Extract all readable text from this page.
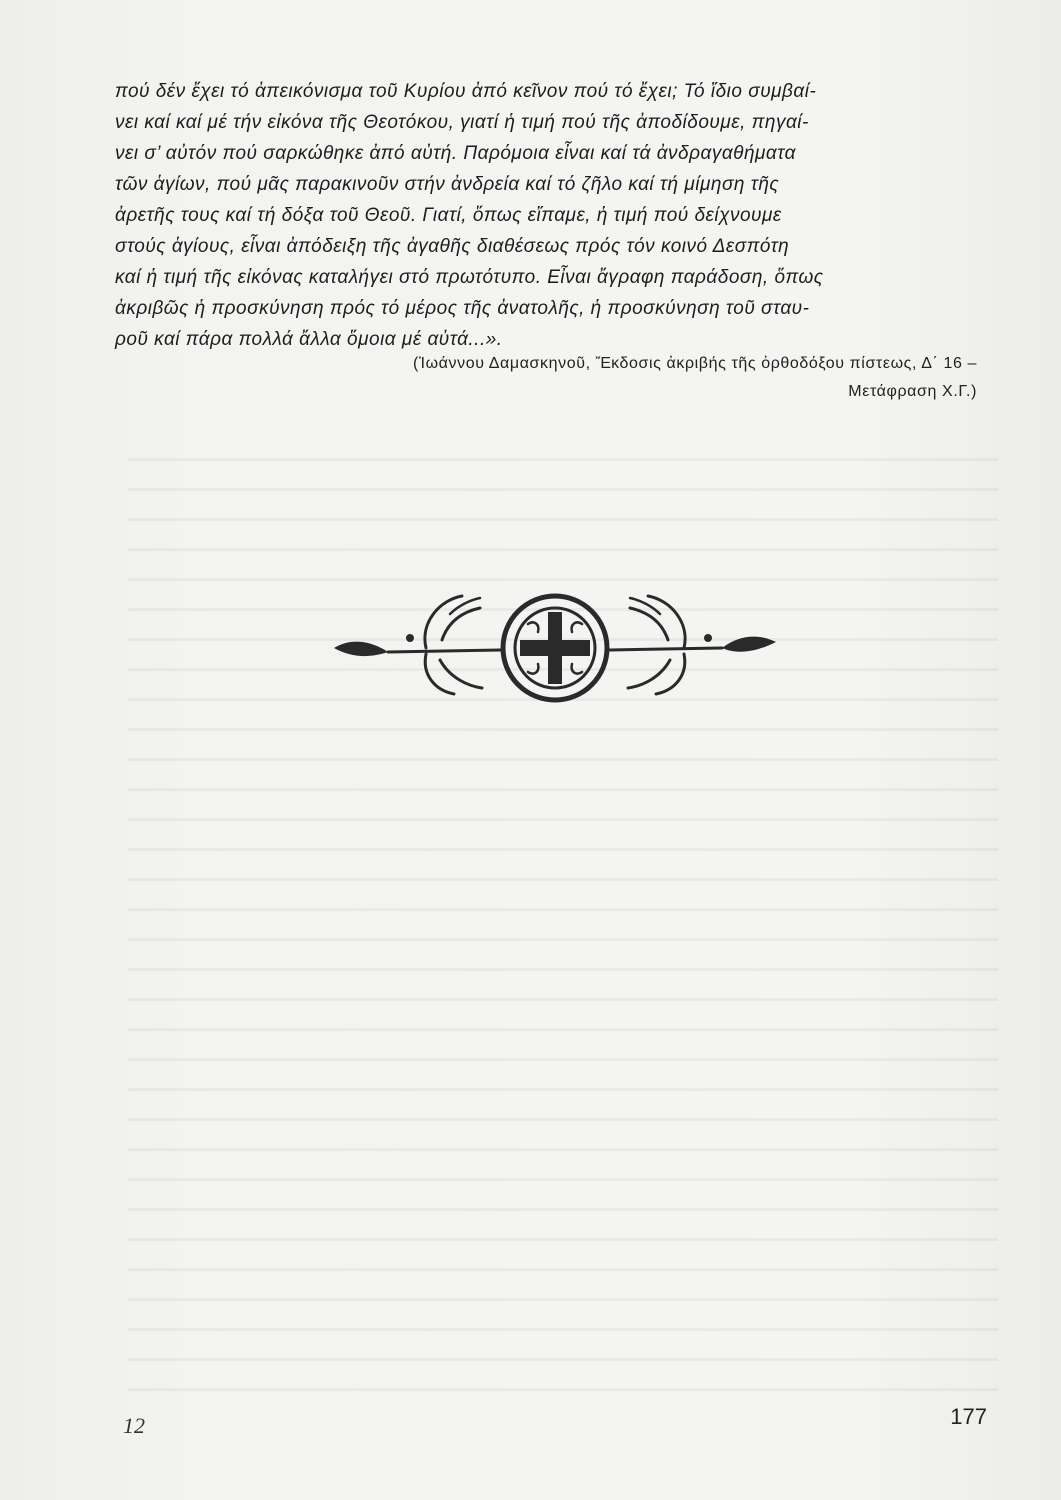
πού δέν ἔχει τό ἀπεικόνισμα τοῦ Κυρίου ἀπό κεῖνον πού τό ἔχει; Τό ἴδιο συμβαί-
νει καί καί μέ τήν εἰκόνα τῆς Θεοτόκου, γιατί ἡ τιμή πού τῆς ἀποδίδουμε, πηγαί-
νει σ’ αὐτόν πού σαρκώθηκε ἀπό αὐτή. Παρόμοια εἶναι καί τά ἀνδραγαθήματα
τῶν ἁγίων, πού μᾶς παρακινοῦν στήν ἀνδρεία καί τό ζῆλο καί τή μίμηση τῆς
ἀρετῆς τους καί τή δόξα τοῦ Θεοῦ. Γιατί, ὅπως εἴπαμε, ἡ τιμή πού δείχνουμε
στούς ἁγίους, εἶναι ἀπόδειξη τῆς ἀγαθῆς διαθέσεως πρός τόν κοινό Δεσπότη
καί ἡ τιμή τῆς εἰκόνας καταλήγει στό πρωτότυπο. Εἶναι ἄγραφη παράδοση, ὅπως
ἀκριβῶς ἡ προσκύνηση πρός τό μέρος τῆς ἀνατολῆς, ἡ προσκύνηση τοῦ σταυ-
ροῦ καί πάρα πολλά ἄλλα ὅμοια μέ αὐτά...».

(Ἰωάννου Δαμασκηνοῦ, Ἔκδοσις ἀκριβής τῆς ὀρθοδόξου πίστεως, Δ΄ 16 –
Μετάφραση Χ.Γ.)
12	177
